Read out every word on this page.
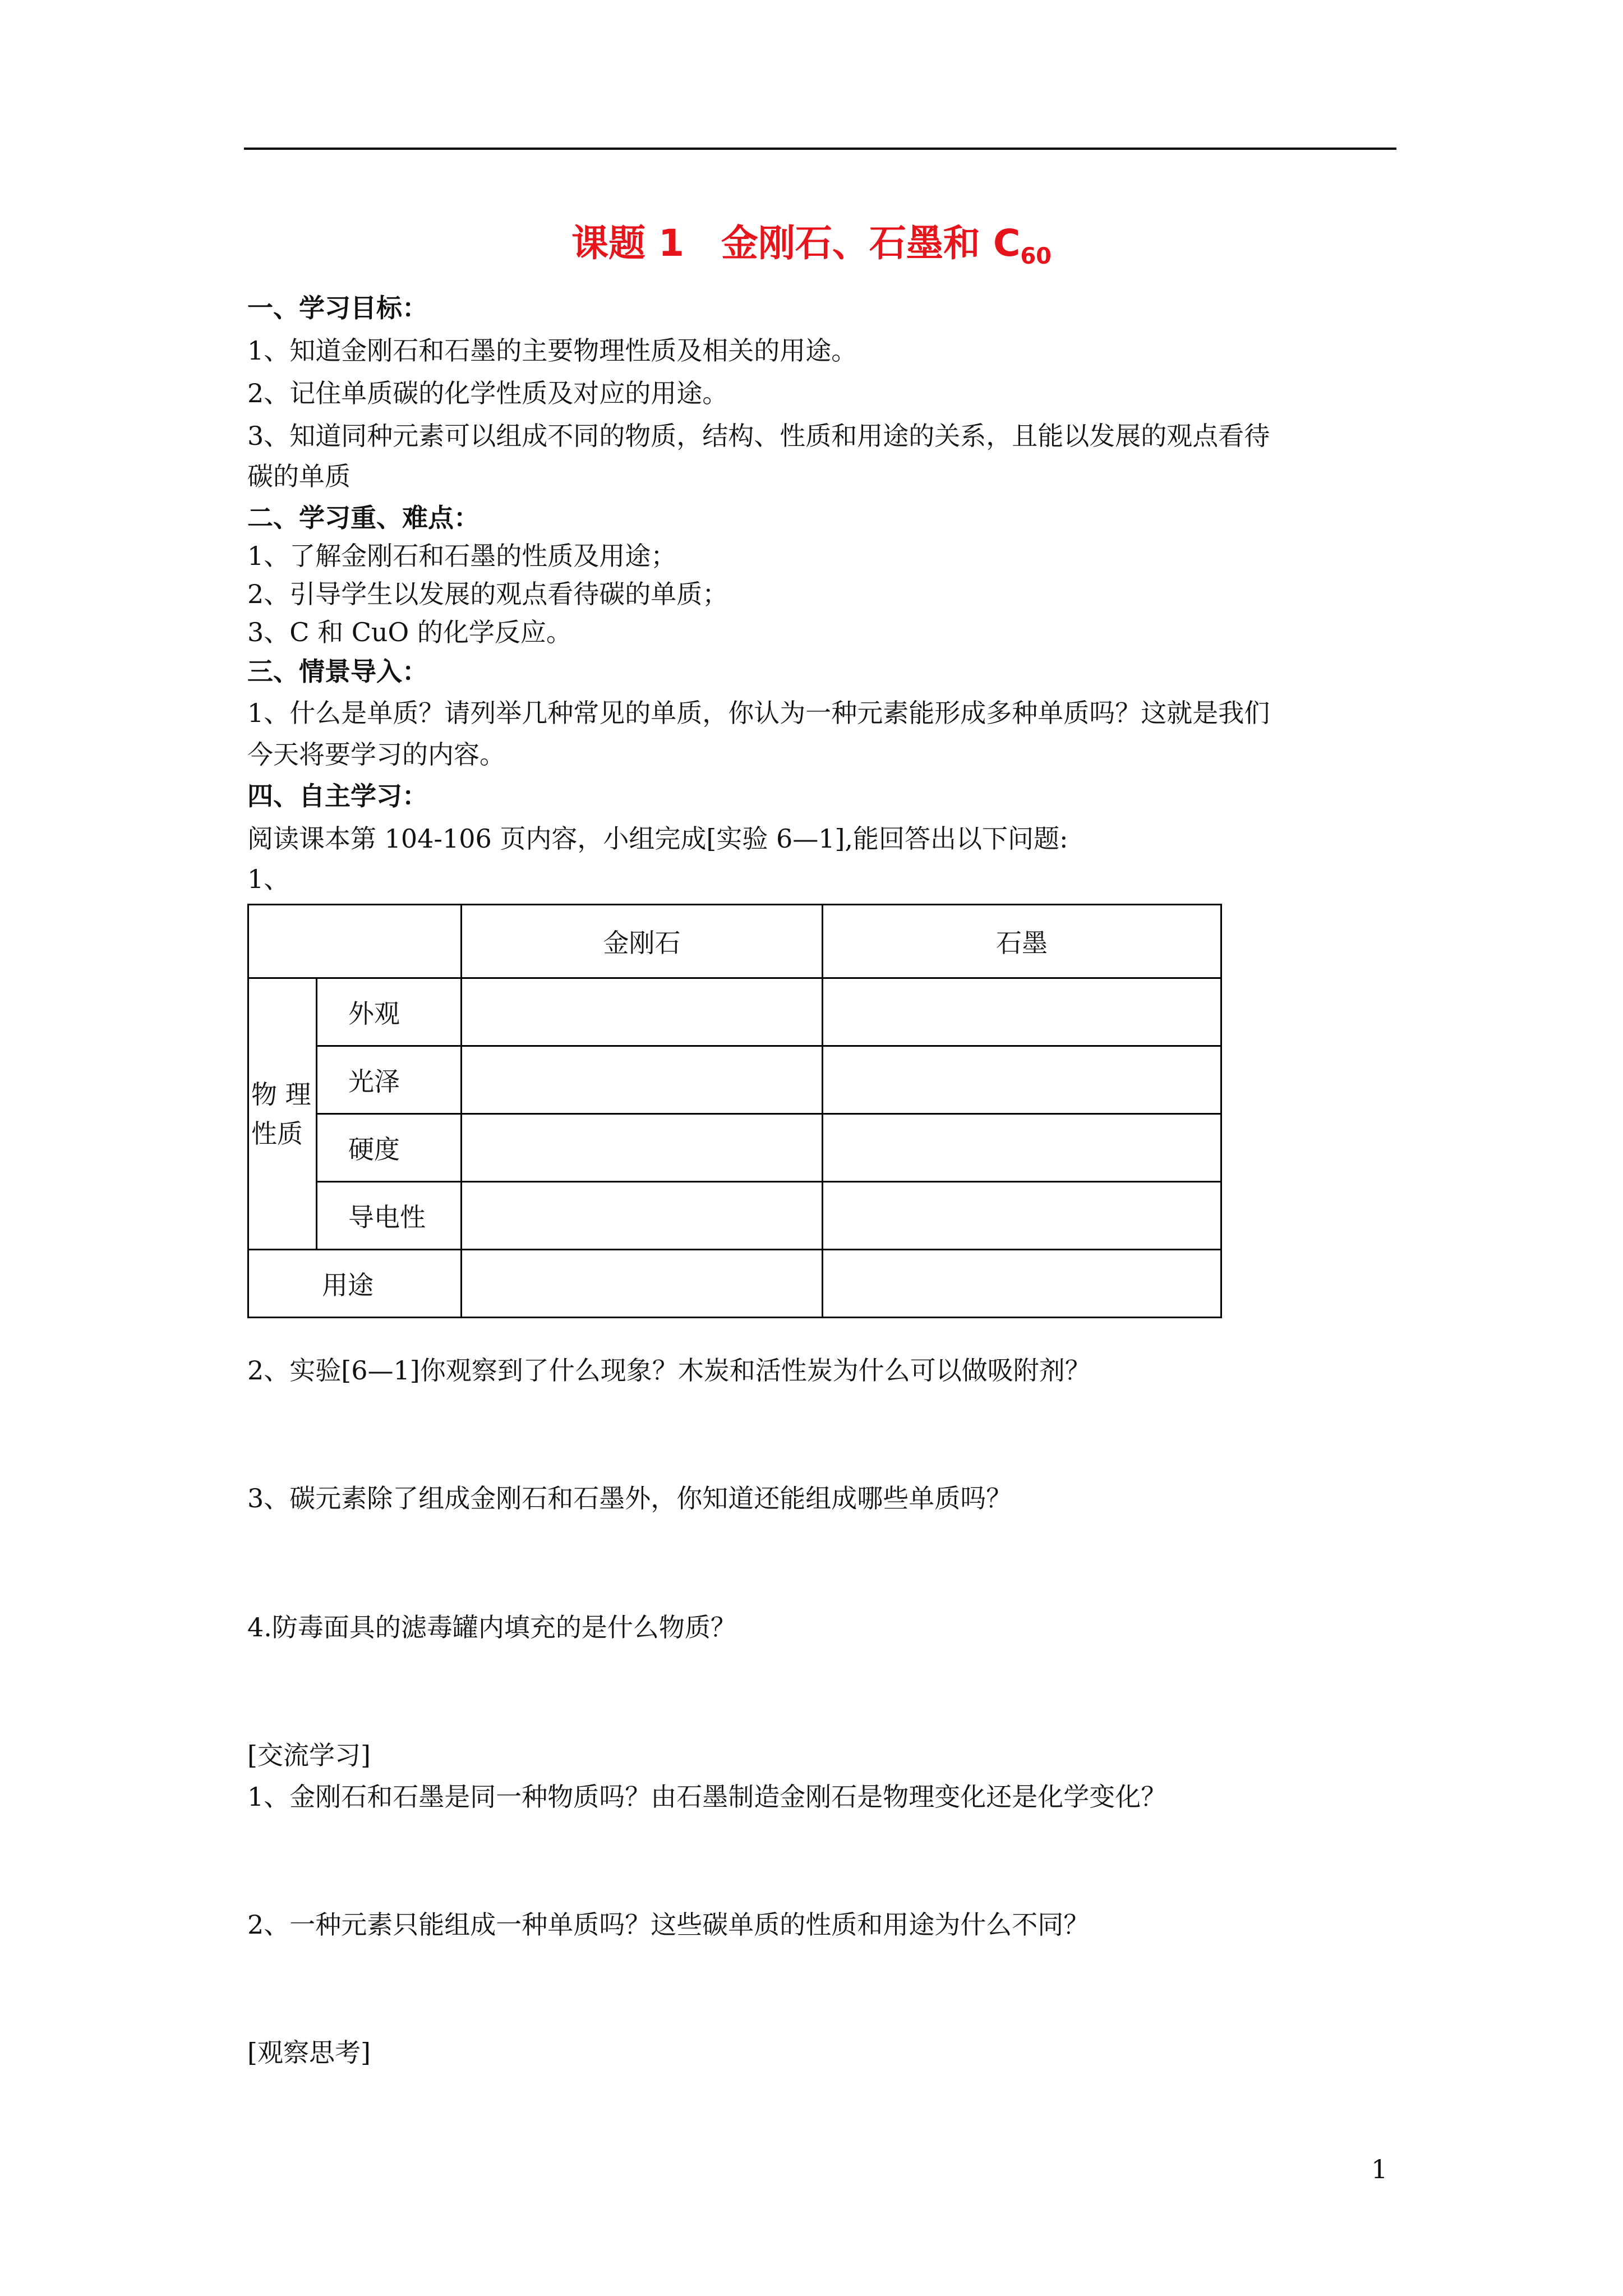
课题 1　金刚石、石墨和 $C_{60}$
一、学习目标：
1、知道金刚石和石墨的主要物理性质及相关的用途。
2、记住单质碳的化学性质及对应的用途。
3、知道同种元素可以组成不同的物质，结构、性质和用途的关系，且能以发展的观点看待
碳的单质
二、学习重、难点：
1、了解金刚石和石墨的性质及用途；
2、引导学生以发展的观点看待碳的单质；
3、C 和 CuO 的化学反应。
三、情景导入：
1、什么是单质？请列举几种常见的单质，你认为一种元素能形成多种单质吗？这就是我们
今天将要学习的内容。
四、自主学习：
阅读课本第 104-106 页内容，小组完成[实验 6—1],能回答出以下问题:
1、
		金刚石	石墨
物 理
性质	外观		
	光泽		
	硬度		
	导电性		
用途			
2、实验[6—1]你观察到了什么现象？木炭和活性炭为什么可以做吸附剂？
3、碳元素除了组成金刚石和石墨外，你知道还能组成哪些单质吗？
4.防毒面具的滤毒罐内填充的是什么物质？
[交流学习]
1、金刚石和石墨是同一种物质吗？由石墨制造金刚石是物理变化还是化学变化？
2、一种元素只能组成一种单质吗？这些碳单质的性质和用途为什么不同？
[观察思考]
1
